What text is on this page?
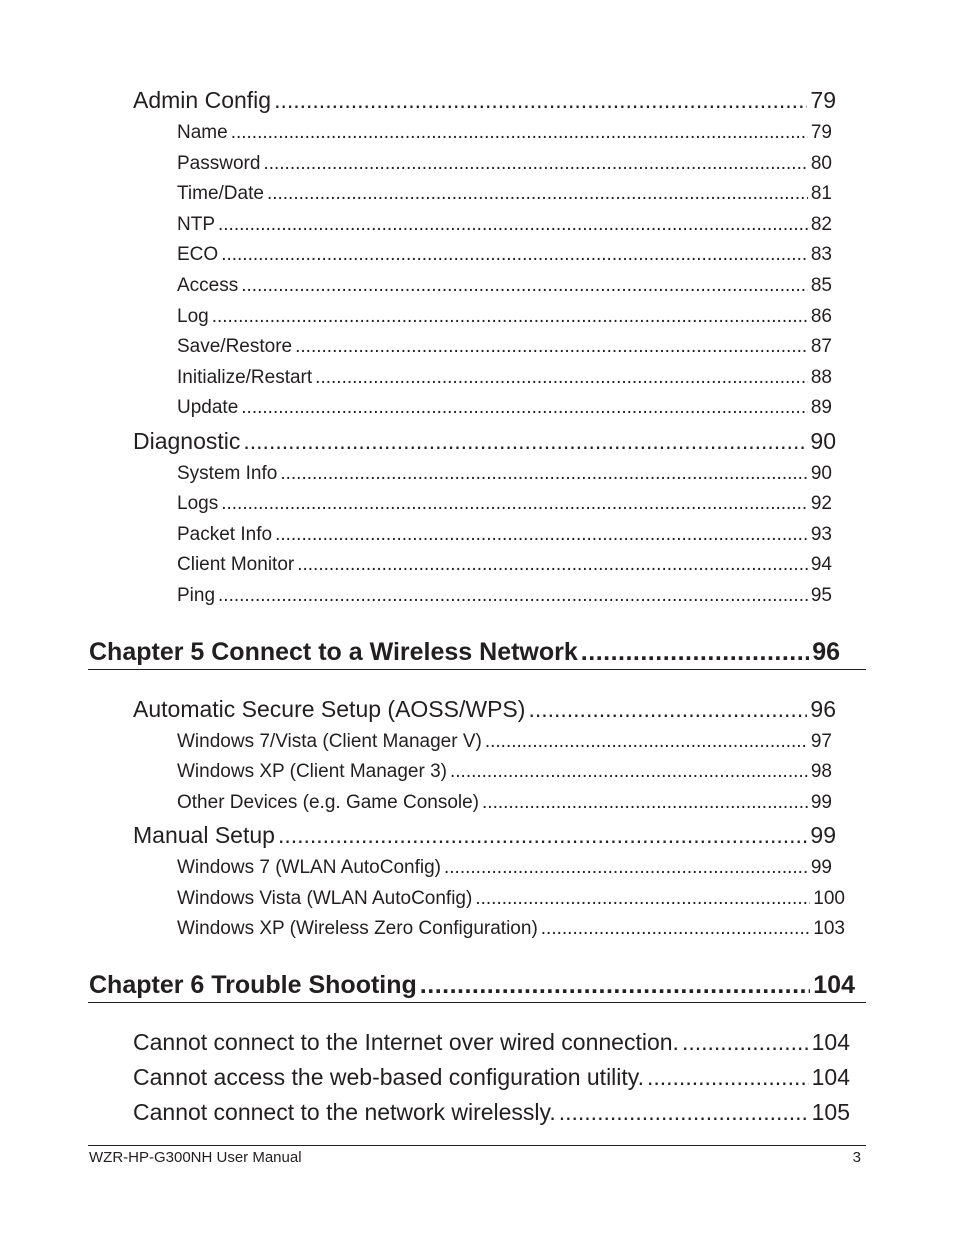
Admin Config .....	79
Name .....	79
Password .....	80
Time/Date .....	81
NTP .....	82
ECO .....	83
Access .....	85
Log .....	86
Save/Restore .....	87
Initialize/Restart .....	88
Update .....	89
Diagnostic .....	90
System Info .....	90
Logs .....	92
Packet Info .....	93
Client Monitor .....	94
Ping .....	95
Chapter 5 Connect to a Wireless Network .....	96
Automatic Secure Setup (AOSS/WPS) .....	96
Windows 7/Vista (Client Manager V) .....	97
Windows XP (Client Manager 3) .....	98
Other Devices (e.g. Game Console) .....	99
Manual Setup .....	99
Windows 7 (WLAN AutoConfig) .....	99
Windows Vista (WLAN AutoConfig) .....	100
Windows XP (Wireless Zero Configuration) .....	103
Chapter 6 Trouble Shooting .....	104
Cannot connect to the Internet over wired connection. .....	104
Cannot access the web-based configuration utility. .....	104
Cannot connect to the network wirelessly. .....	105
WZR-HP-G300NH User Manual	3
